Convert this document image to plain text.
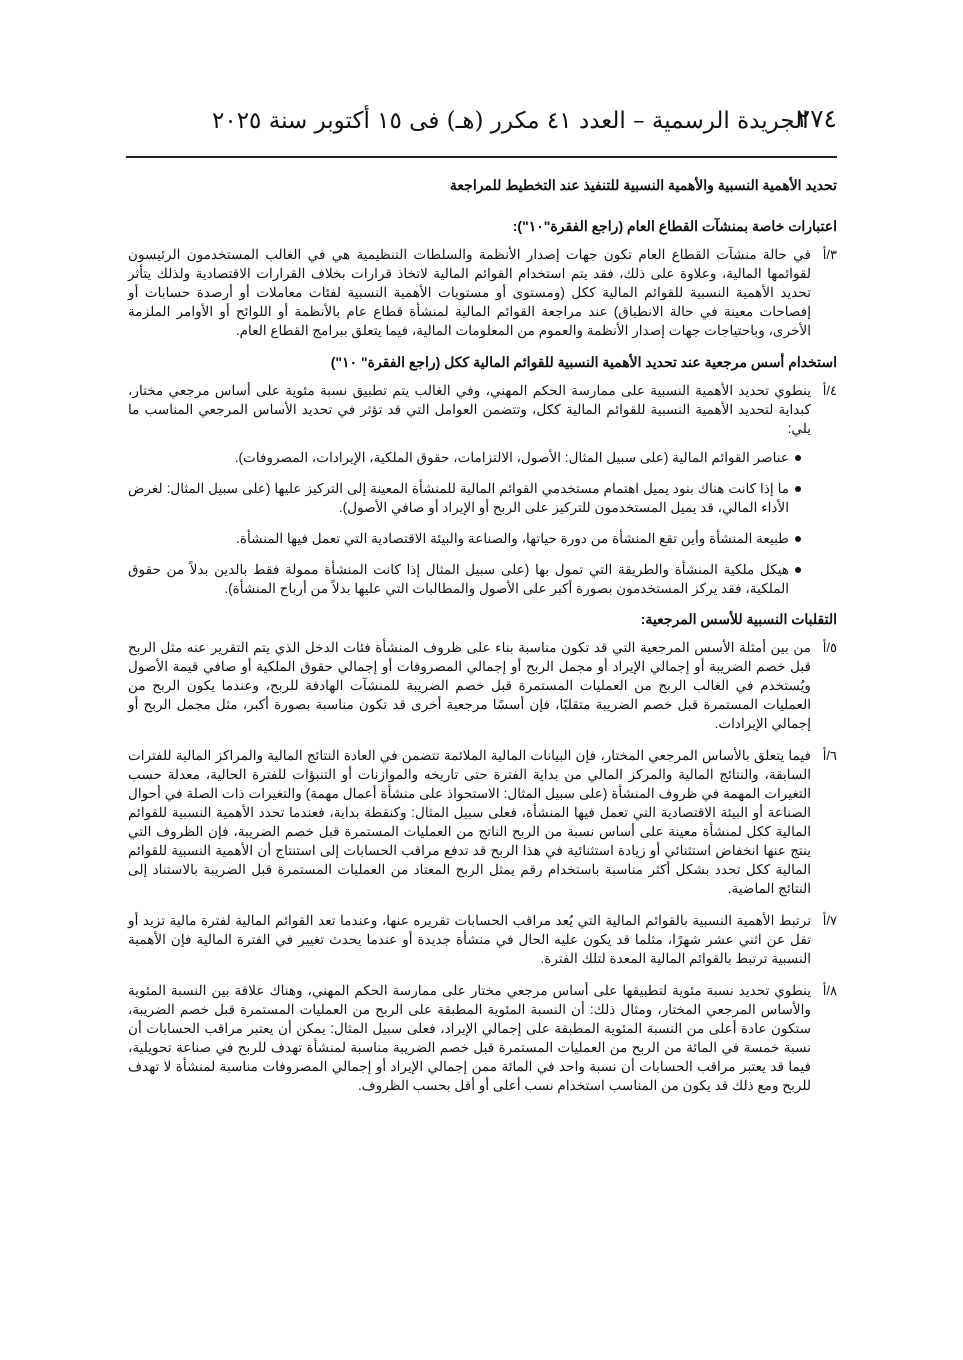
٢٧٤
الجريدة الرسمية – العدد ٤١ مكرر (هـ) فى ١٥ أكتوبر سنة ٢٠٢٥
تحديد الأهمية النسبية والأهمية النسبية للتنفيذ عند التخطيط للمراجعة
اعتبارات خاصة بمنشآت القطاع العام (راجع الفقرة"١٠"):
٣/أ
في حالة منشآت القطاع العام تكون جهات إصدار الأنظمة والسلطات التنظيمية هي في الغالب المستخدمون الرئيسون لقوائمها المالية، وعلاوة على ذلك، فقد يتم استخدام القوائم المالية لاتخاذ قرارات بخلاف القرارات الاقتصادية ولذلك يتأثر تحديد الأهمية النسبية للقوائم المالية ككل (ومستوى أو مستويات الأهمية النسبية لفئات معاملات أو أرصدة حسابات أو إفصاحات معينة في حالة الانطباق) عند مراجعة القوائم المالية لمنشأة قطاع عام بالأنظمة أو اللوائح أو الأوامر الملزمة الأخرى، وباحتياجات جهات إصدار الأنظمة والعموم من المعلومات المالية، فيما يتعلق ببرامج القطاع العام.
استخدام أسس مرجعية عند تحديد الأهمية النسبية للقوائم المالية ككل (راجع الفقرة" ١٠")
٤/أ
ينطوي تحديد الأهمية النسبية على ممارسة الحكم المهني، وفي الغالب يتم تطبيق نسبة مئوية على أساس مرجعي مختار، كبداية لتحديد الأهمية النسبية للقوائم المالية ككل، وتتضمن العوامل التي قد تؤثر في تحديد الأساس المرجعي المناسب ما يلي:
عناصر القوائم المالية (على سبيل المثال: الأصول، الالتزامات، حقوق الملكية، الإيرادات، المصروفات).
ما إذا كانت هناك بنود يميل اهتمام مستخدمي القوائم المالية للمنشأة المعينة إلى التركيز عليها (على سبيل المثال: لغرض الأداء المالي، قد يميل المستخدمون للتركيز على الربح أو الإيراد أو صافي الأصول).
طبيعة المنشأة وأين تقع المنشأة من دورة حياتها، والصناعة والبيئة الاقتصادية التي تعمل فيها المنشأة.
هيكل ملكية المنشأة والطريقة التي تمول بها (على سبيل المثال إذا كانت المنشأة ممولة فقط بالدين بدلاً من حقوق الملكية، فقد يركز المستخدمون بصورة أكبر على الأصول والمطالبات التي عليها بدلاً من أرباح المنشأة).
التقلبات النسبية للأسس المرجعية:
٥/أ
من بين أمثلة الأسس المرجعية التي قد تكون مناسبة بناء على ظروف المنشأة فئات الدخل الذي يتم التقرير عنه مثل الربح قبل خصم الضريبة أو إجمالي الإيراد أو مجمل الربح أو إجمالي المصروفات أو إجمالي حقوق الملكية أو صافي قيمة الأصول ويُستخدم في الغالب الربح من العمليات المستمرة قبل خصم الضريبة للمنشآت الهادفة للربح، وعندما يكون الربح من العمليات المستمرة قبل خصم الضريبة متقلبًا، فإن أسسًا مرجعية أخرى قد تكون مناسبة بصورة أكبر، مثل مجمل الربح أو إجمالي الإيرادات.
٦/أ
فيما يتعلق بالأساس المرجعي المختار، فإن البيانات المالية الملائمة تتضمن في العادة النتائج المالية والمراكز المالية للفترات السابقة، والنتائج المالية والمركز المالي من بداية الفترة حتى تاريخه والموازنات أو التنبؤات للفترة الحالية، معدلة حسب التغيرات المهمة في ظروف المنشأة (على سبيل المثال: الاستحواذ على منشأة أعمال مهمة) والتغيرات ذات الصلة في أحوال الصناعة أو البيئة الاقتصادية التي تعمل فيها المنشأة، فعلى سبيل المثال: وكنقطة بداية، فعندما تحدد الأهمية النسبية للقوائم المالية ككل لمنشأة معينة على أساس نسبة من الربح الناتج من العمليات المستمرة قبل خصم الضريبة، فإن الظروف التي ينتج عنها انخفاض استثنائي أو زيادة استثنائية في هذا الربح قد تدفع مراقب الحسابات إلى استنتاج أن الأهمية النسبية للقوائم المالية ككل تحدد بشكل أكثر مناسبة باستخدام رقم يمثل الربح المعتاد من العمليات المستمرة قبل الضريبة بالاستناد إلى النتائج الماضية.
٧/أ
ترتبط الأهمية النسبية بالقوائم المالية التي يُعد مراقب الحسابات تقريره عنها، وعندما تعد القوائم المالية لفترة مالية تزيد أو تقل عن اثني عشر شهرًا، مثلما قد يكون عليه الحال في منشأة جديدة أو عندما يحدث تغيير في الفترة المالية فإن الأهمية النسبية ترتبط بالقوائم المالية المعدة لتلك الفترة.
٨/أ
ينطوي تحديد نسبة مئوية لتطبيقها على أساس مرجعي مختار على ممارسة الحكم المهني، وهناك علاقة بين النسبة المئوية والأساس المرجعي المختار، ومثال ذلك: أن النسبة المئوية المطبقة على الربح من العمليات المستمرة قبل خصم الضريبة، ستكون عادة أعلى من النسبة المئوية المطبقة على إجمالي الإيراد، فعلى سبيل المثال: يمكن أن يعتبر مراقب الحسابات أن نسبة خمسة في المائة من الربح من العمليات المستمرة قبل خصم الضريبة مناسبة لمنشأة تهدف للربح في صناعة تحويلية، فيما قد يعتبر مراقب الحسابات أن نسبة واحد في المائة ممن إجمالي الإيراد أو إجمالي المصروفات مناسبة لمنشأة لا تهدف للربح ومع ذلك قد يكون من المناسب استخدام نسب أعلى أو أقل بحسب الظروف.
